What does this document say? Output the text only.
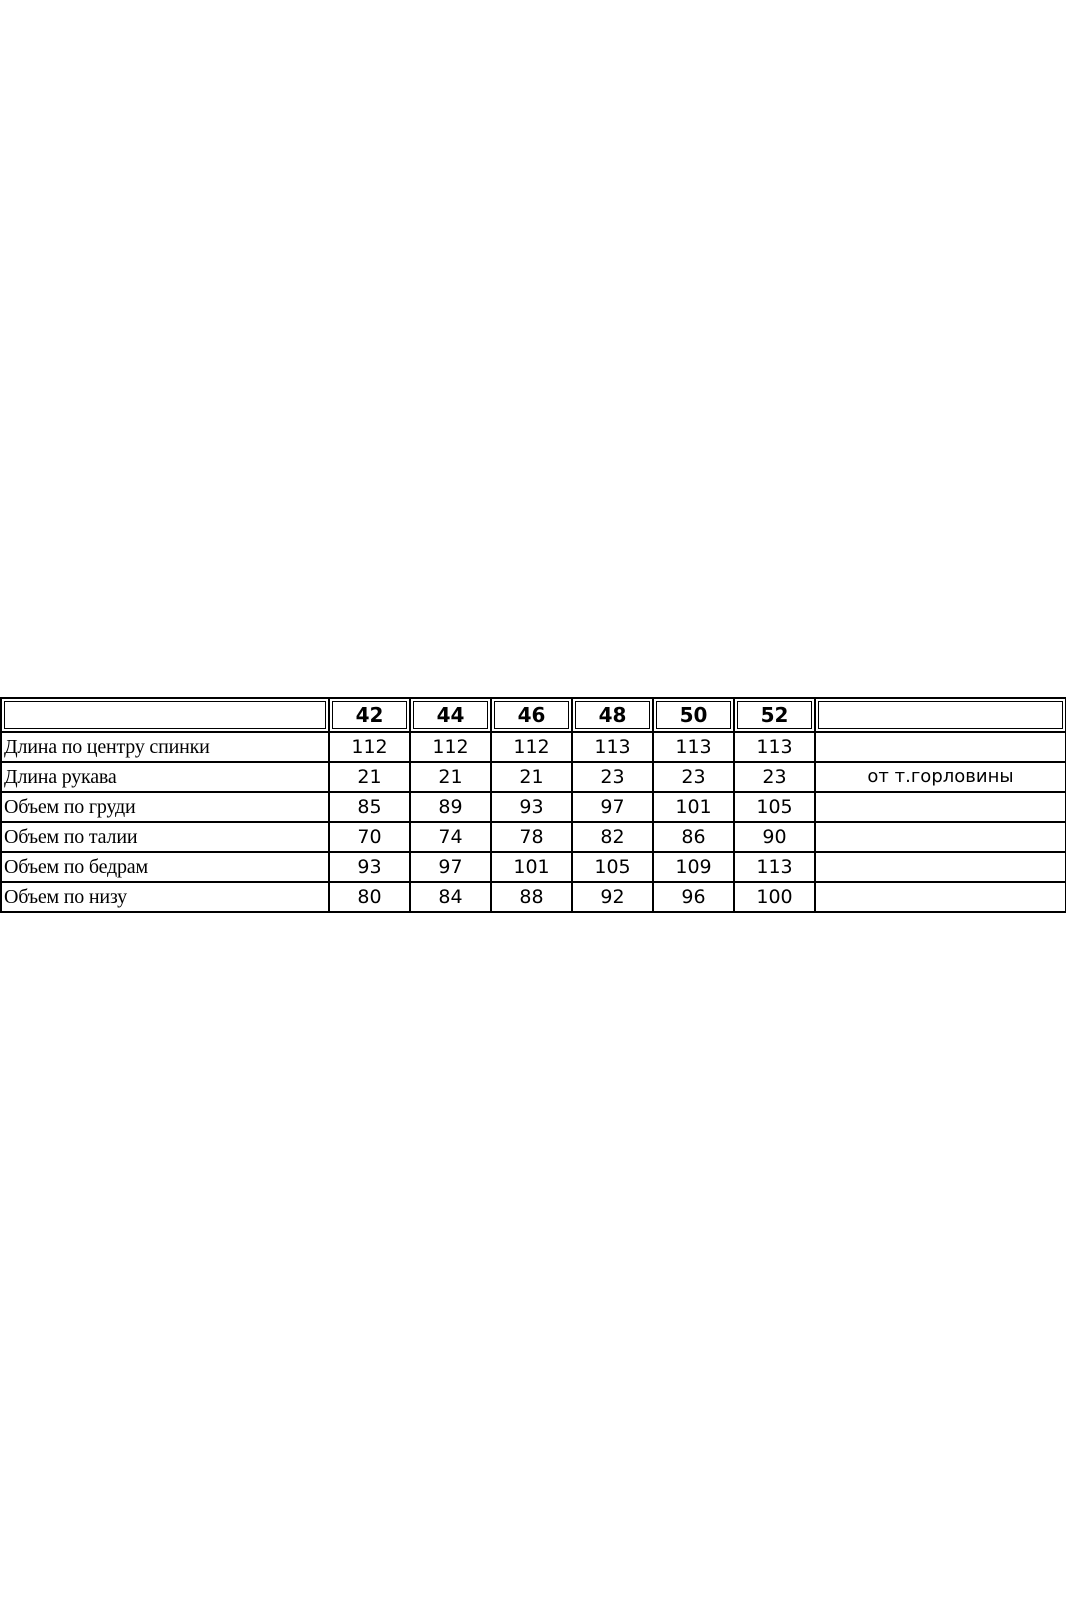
	42	44	46	48	50	52	
Длина по центру спинки	112	112	112	113	113	113	
Длина рукава	21	21	21	23	23	23	от т.горловины
Объем по груди	85	89	93	97	101	105	
Объем по талии	70	74	78	82	86	90	
Объем по бедрам	93	97	101	105	109	113	
Объем по низу	80	84	88	92	96	100	
